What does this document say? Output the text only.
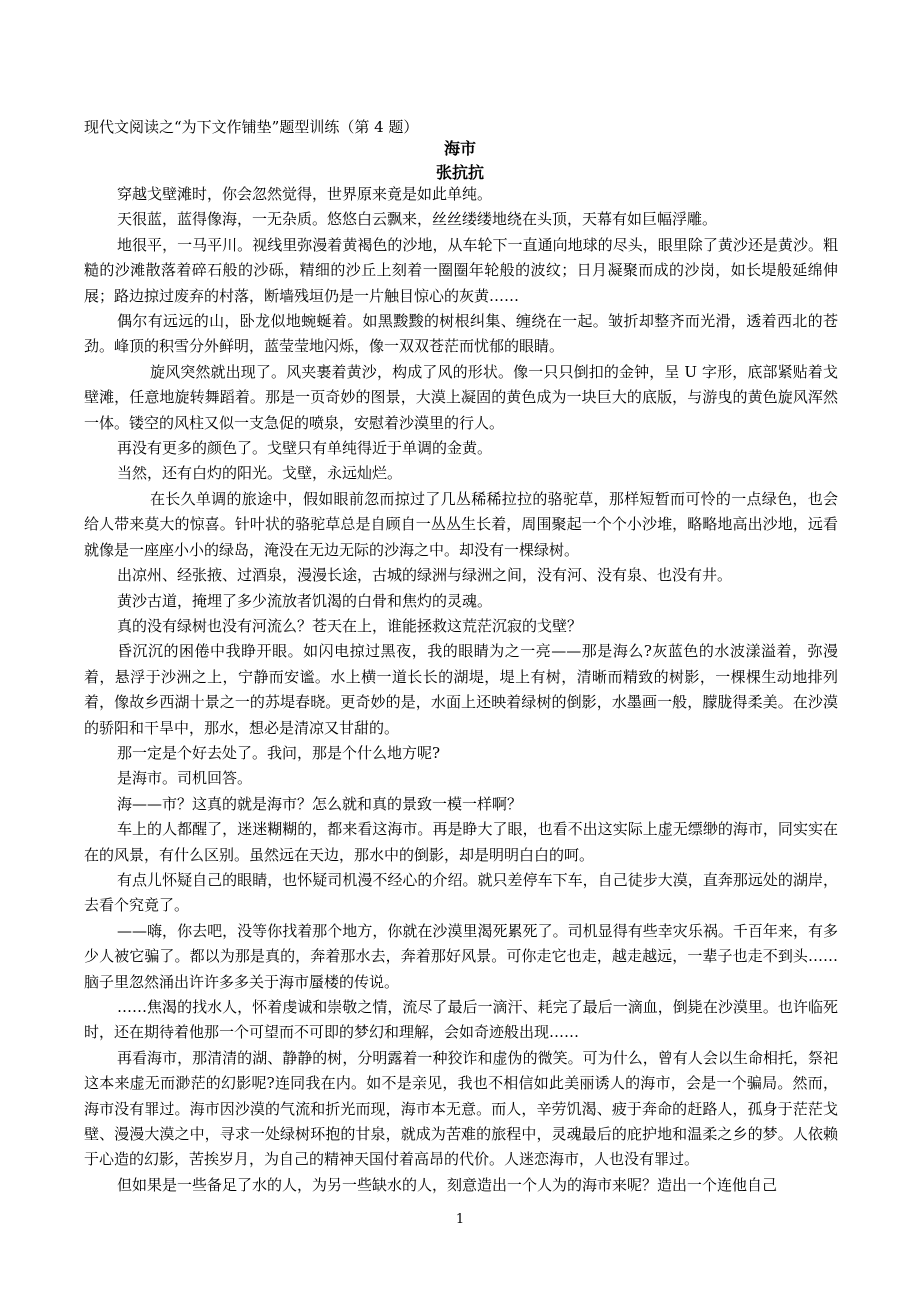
现代文阅读之“为下文作铺垫”题型训练（第 4 题）
海市
张抗抗

穿越戈壁滩时，你会忽然觉得，世界原来竟是如此单纯。

天很蓝，蓝得像海，一无杂质。悠悠白云飘来，丝丝缕缕地绕在头顶，天幕有如巨幅浮雕。

地很平，一马平川。视线里弥漫着黄褐色的沙地，从车轮下一直通向地球的尽头，眼里除了黄沙还是黄沙。粗糙的沙滩散落着碎石般的沙砾，精细的沙丘上刻着一圈圈年轮般的波纹；日月凝聚而成的沙岗，如长堤般延绵伸展；路边掠过废弃的村落，断墙残垣仍是一片触目惊心的灰黄……

偶尔有远远的山，卧龙似地蜿蜒着。如黑黢黢的树根纠集、缠绕在一起。皱折却整齐而光滑，透着西北的苍劲。峰顶的积雪分外鲜明，蓝莹莹地闪烁，像一双双苍茫而忧郁的眼睛。

旋风突然就出现了。风夹裹着黄沙，构成了风的形状。像一只只倒扣的金钟，呈 U 字形，底部紧贴着戈壁滩，任意地旋转舞蹈着。那是一页奇妙的图景，大漠上凝固的黄色成为一块巨大的底版，与游曳的黄色旋风浑然一体。镂空的风柱又似一支急促的喷泉，安慰着沙漠里的行人。

再没有更多的颜色了。戈壁只有单纯得近于单调的金黄。

当然，还有白灼的阳光。戈壁，永远灿烂。

在长久单调的旅途中，假如眼前忽而掠过了几丛稀稀拉拉的骆驼草，那样短暂而可怜的一点绿色，也会给人带来莫大的惊喜。针叶状的骆驼草总是自顾自一丛丛生长着，周围聚起一个个小沙堆，略略地高出沙地，远看就像是一座座小小的绿岛，淹没在无边无际的沙海之中。却没有一棵绿树。

出凉州、经张掖、过酒泉，漫漫长途，古城的绿洲与绿洲之间，没有河、没有泉、也没有井。

黄沙古道，掩埋了多少流放者饥渴的白骨和焦灼的灵魂。

真的没有绿树也没有河流么？苍天在上，谁能拯救这荒茫沉寂的戈壁？

昏沉沉的困倦中我睁开眼。如闪电掠过黑夜，我的眼睛为之一亮——那是海么?灰蓝色的水波漾溢着，弥漫着，悬浮于沙洲之上，宁静而安谧。水上横一道长长的湖堤，堤上有树，清晰而精致的树影，一棵棵生动地排列着，像故乡西湖十景之一的苏堤春晓。更奇妙的是，水面上还映着绿树的倒影，水墨画一般，朦胧得柔美。在沙漠的骄阳和干旱中，那水，想必是清凉又甘甜的。

那一定是个好去处了。我问，那是个什么地方呢?

是海市。司机回答。

海——市？这真的就是海市？怎么就和真的景致一模一样啊？

车上的人都醒了，迷迷糊糊的，都来看这海市。再是睁大了眼，也看不出这实际上虚无缥缈的海市，同实实在在的风景，有什么区别。虽然远在天边，那水中的倒影，却是明明白白的呵。

有点儿怀疑自己的眼睛，也怀疑司机漫不经心的介绍。就只差停车下车，自己徒步大漠，直奔那远处的湖岸，去看个究竟了。

——嗨，你去吧，没等你找着那个地方，你就在沙漠里渴死累死了。司机显得有些幸灾乐祸。千百年来，有多少人被它骗了。都以为那是真的，奔着那水去，奔着那好风景。可你走它也走，越走越远，一辈子也走不到头……脑子里忽然涌出许许多多关于海市蜃楼的传说。

……焦渴的找水人，怀着虔诚和崇敬之情，流尽了最后一滴汗、耗完了最后一滴血，倒毙在沙漠里。也许临死时，还在期待着他那一个可望而不可即的梦幻和理解，会如奇迹般出现……

再看海市，那清清的湖、静静的树，分明露着一种狡诈和虚伪的微笑。可为什么，曾有人会以生命相托，祭祀这本来虚无而渺茫的幻影呢?连同我在内。如不是亲见，我也不相信如此美丽诱人的海市，会是一个骗局。然而，海市没有罪过。海市因沙漠的气流和折光而现，海市本无意。而人，辛劳饥渴、疲于奔命的赶路人，孤身于茫茫戈壁、漫漫大漠之中，寻求一处绿树环抱的甘泉，就成为苦难的旅程中，灵魂最后的庇护地和温柔之乡的梦。人依赖于心造的幻影，苦挨岁月，为自己的精神天国付着高昂的代价。人迷恋海市，人也没有罪过。

但如果是一些备足了水的人，为另一些缺水的人，刻意造出一个人为的海市来呢？造出一个连他自己

1
